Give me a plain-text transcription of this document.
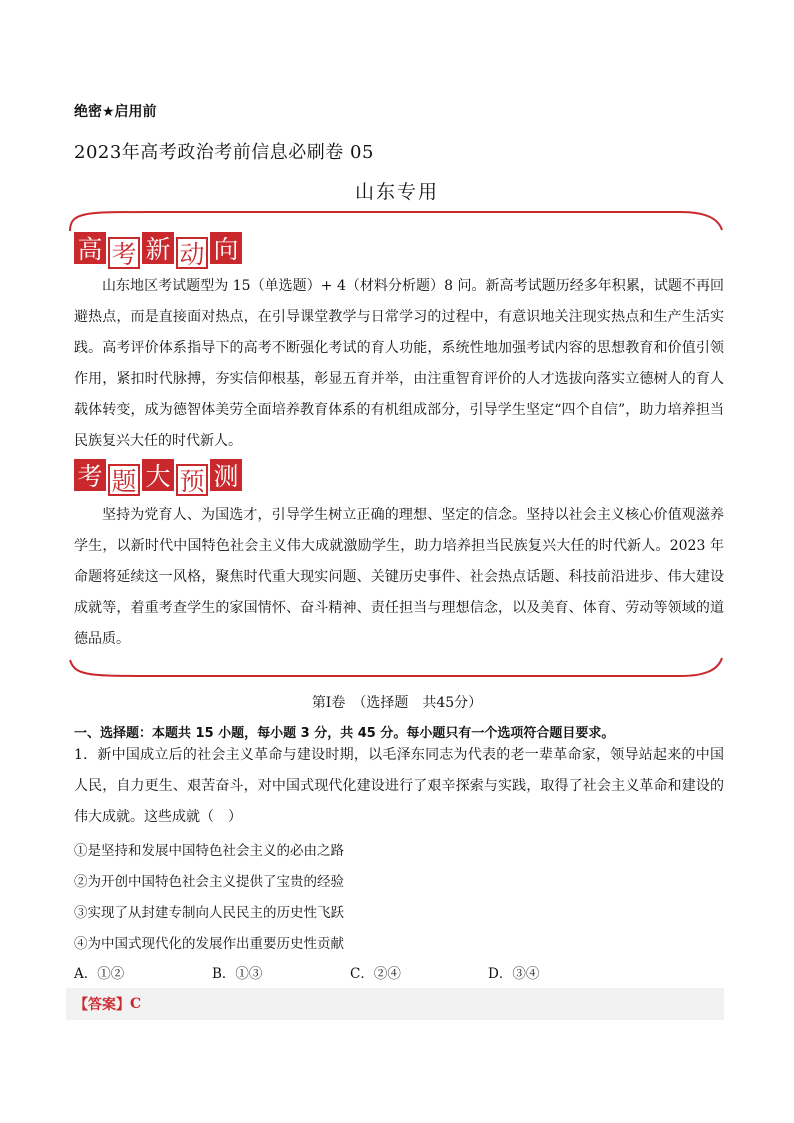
绝密★启用前
2023年高考政治考前信息必刷卷 05
山东专用
高 考 新 动 向
山东地区考试题型为 15（单选题）+ 4（材料分析题）8 问。新高考试题历经多年积累，试题不再回避热点，而是直接面对热点，在引导课堂教学与日常学习的过程中，有意识地关注现实热点和生产生活实践。高考评价体系指导下的高考不断强化考试的育人功能，系统性地加强考试内容的思想教育和价值引领作用，紧扣时代脉搏，夯实信仰根基，彰显五育并举，由注重智育评价的人才选拔向落实立德树人的育人载体转变，成为德智体美劳全面培养教育体系的有机组成部分，引导学生坚定“四个自信”，助力培养担当民族复兴大任的时代新人。
考 题 大 预 测
坚持为党育人、为国选才，引导学生树立正确的理想、坚定的信念。坚持以社会主义核心价值观滋养学生，以新时代中国特色社会主义伟大成就激励学生，助力培养担当民族复兴大任的时代新人。2023 年命题将延续这一风格，聚焦时代重大现实问题、关键历史事件、社会热点话题、科技前沿进步、伟大建设成就等，着重考查学生的家国情怀、奋斗精神、责任担当与理想信念，以及美育、体育、劳动等领域的道德品质。
第Ⅰ卷　（选择题　共45分）
一、选择题：本题共 15 小题，每小题 3 分，共 45 分。每小题只有一个选项符合题目要求。
1．新中国成立后的社会主义革命与建设时期，以毛泽东同志为代表的老一辈革命家，领导站起来的中国人民，自力更生、艰苦奋斗，对中国式现代化建设进行了艰辛探索与实践，取得了社会主义革命和建设的伟大成就。这些成就（　）
①是坚持和发展中国特色社会主义的必由之路
②为开创中国特色社会主义提供了宝贵的经验
③实现了从封建专制向人民民主的历史性飞跃
④为中国式现代化的发展作出重要历史性贡献
A．①②	B．①③	C．②④	D．③④
【答案】 C
